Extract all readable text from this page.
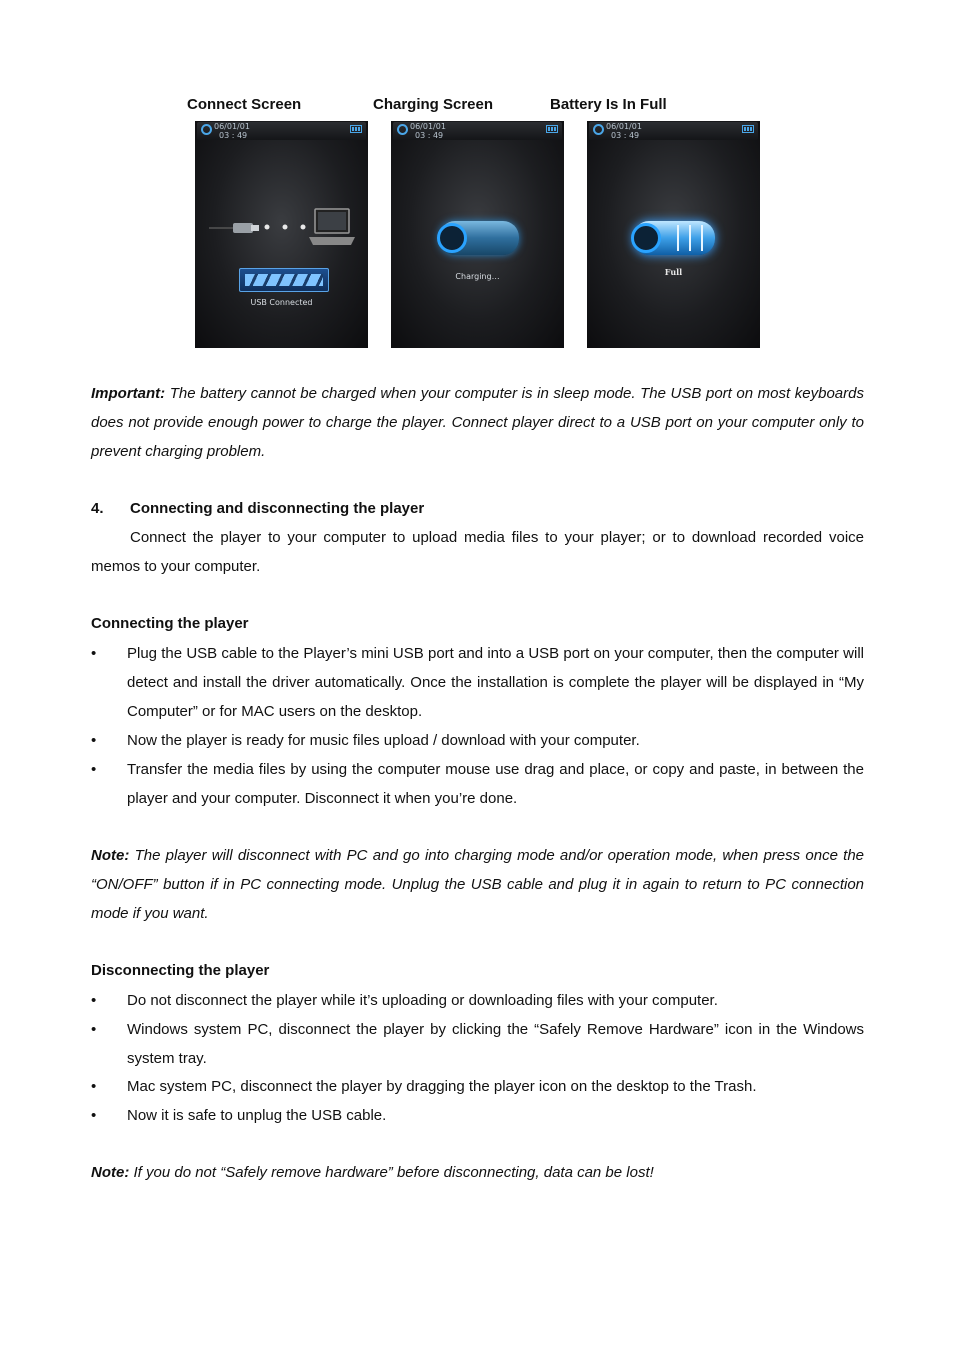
Connect Screen	Charging Screen	Battery Is In Full
06/01/01
03 : 49
USB Connected
06/01/01
03 : 49
Charging…
06/01/01
03 : 49
Full
Important: The battery cannot be charged when your computer is in sleep mode. The USB port on most keyboards does not provide enough power to charge the player. Connect player direct to a USB port on your computer only to prevent charging problem.
4. Connecting and disconnecting the player
Connect the player to your computer to upload media files to your player; or to download recorded voice memos to your computer.
Connecting the player
• Plug the USB cable to the Player’s mini USB port and into a USB port on your computer, then the computer will detect and install the driver automatically. Once the installation is complete the player will be displayed in “My Computer” or for MAC users on the desktop.
• Now the player is ready for music files upload / download with your computer.
• Transfer the media files by using the computer mouse use drag and place, or copy and paste, in between the player and your computer. Disconnect it when you’re done.
Note: The player will disconnect with PC and go into charging mode and/or operation mode, when press once the “ON/OFF” button if in PC connecting mode. Unplug the USB cable and plug it in again to return to PC connection mode if you want.
Disconnecting the player
• Do not disconnect the player while it’s uploading or downloading files with your computer.
• Windows system PC, disconnect the player by clicking the “Safely Remove Hardware” icon in the Windows system tray.
• Mac system PC, disconnect the player by dragging the player icon on the desktop to the Trash.
• Now it is safe to unplug the USB cable.
Note: If you do not “Safely remove hardware” before disconnecting, data can be lost!
